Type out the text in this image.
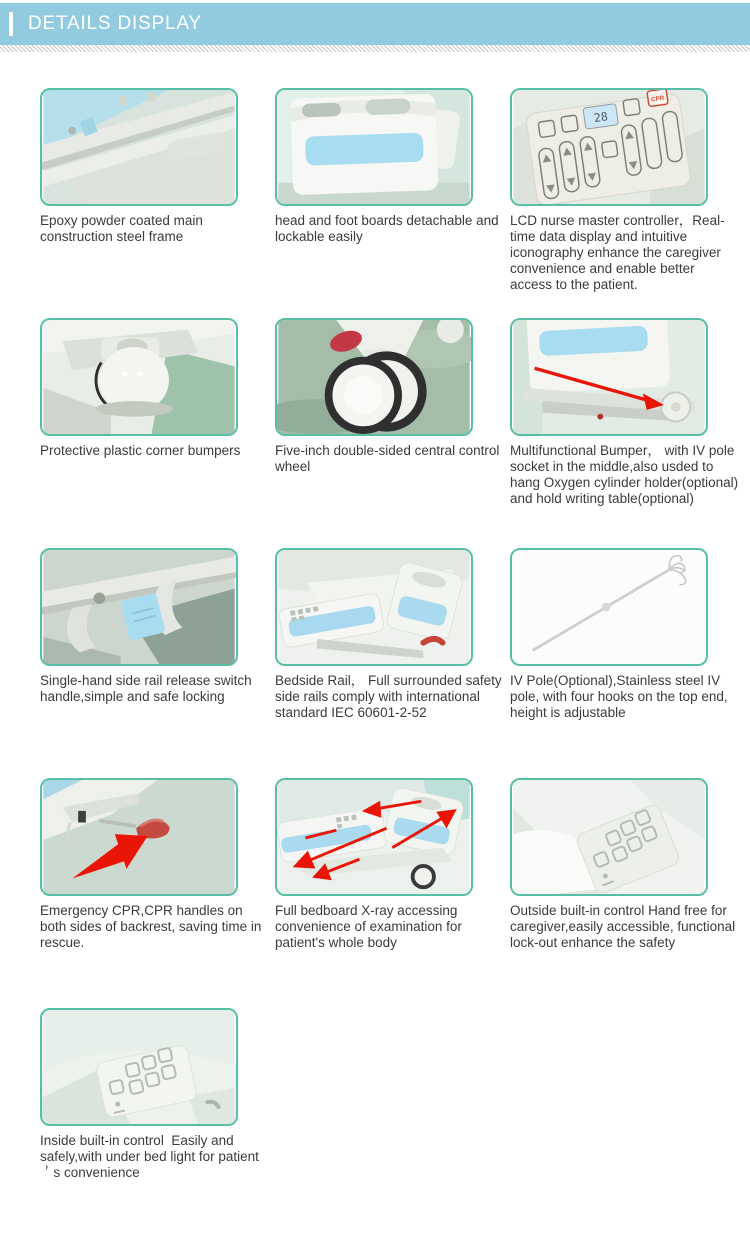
DETAILS DISPLAY
Epoxy powder coated main construction steel frame
head and foot boards detachable and lockable easily
28
CPR
LCD nurse master controller，Real-time data display and intuitive iconography enhance the caregiver convenience and enable better access to the patient.
Protective plastic corner bumpers	Five-inch double-sided central control wheel
Multifunctional Bumper， with IV pole socket in the middle,also usded to hang Oxygen cylinder holder(optional) and hold writing table(optional)
Single-hand side rail release switch handle,simple and safe locking
Bedside Rail， Full surrounded safety side rails comply with international standard IEC 60601-2-52
IV Pole(Optional),Stainless steel IV pole, with four hooks on the top end, height is adjustable
Emergency CPR,CPR handles on both sides of backrest, saving time in rescue.
Full bedboard X-ray accessing convenience of examination for patient's whole body
Outside built-in control Hand free for caregiver,easily accessible, functional lock-out enhance the safety
Inside built-in control  Easily and safely,with under bed light for patient＇s convenience
